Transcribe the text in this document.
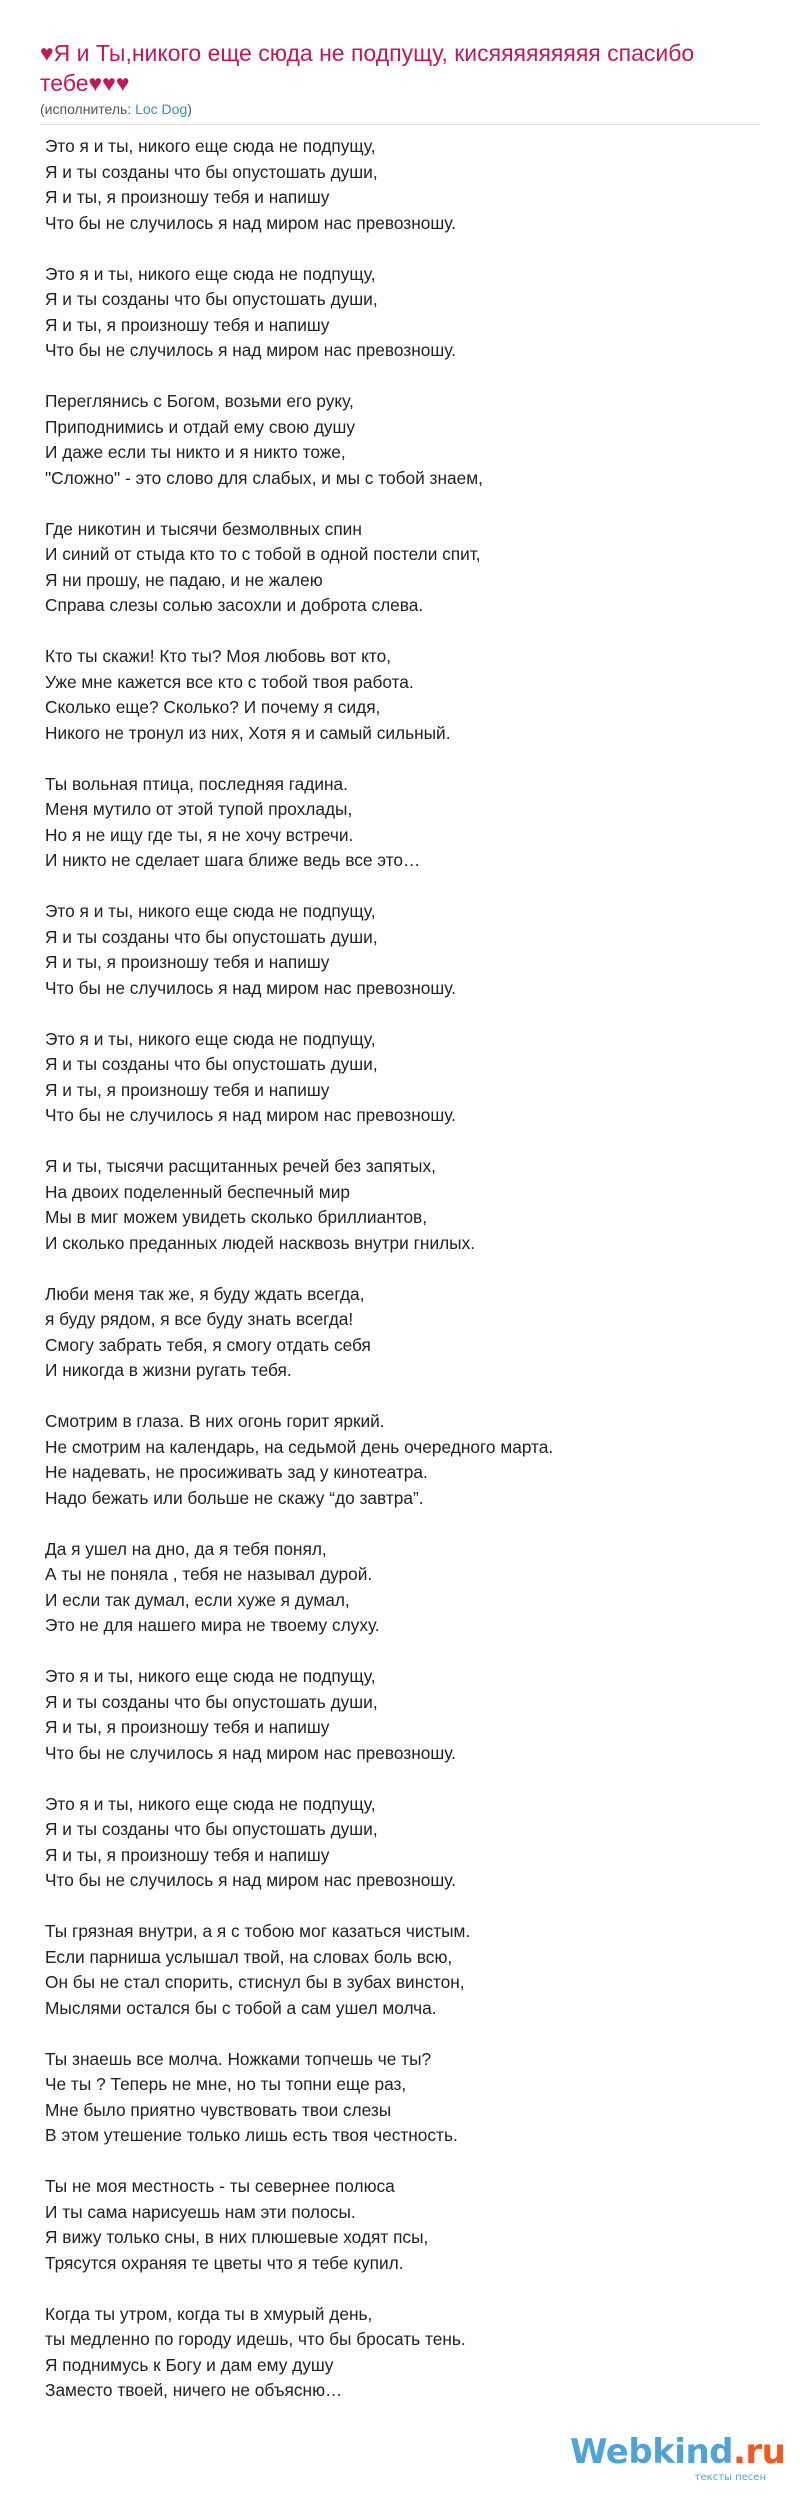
♥Я и Ты,никого еще сюда не подпущу, кисяяяяяяяяя спасибо тебе♥♥♥
(исполнитель: Loc Dog)
Это я и ты, никого еще сюда не подпущу,
Я и ты созданы что бы опустошать души,
Я и ты, я произношу тебя и напишу
Что бы не случилось я над миром нас превозношу.
Это я и ты, никого еще сюда не подпущу,
Я и ты созданы что бы опустошать души,
Я и ты, я произношу тебя и напишу
Что бы не случилось я над миром нас превозношу.
Переглянись с Богом, возьми его руку,
Приподнимись и отдай ему свою душу
И даже если ты никто и я никто тоже,
"Сложно" - это слово для слабых, и мы с тобой знаем,
Где никотин и тысячи безмолвных спин
И синий от стыда кто то с тобой в одной постели спит,
Я ни прошу, не падаю, и не жалею
Справа слезы солью засохли и доброта слева.
Кто ты скажи! Кто ты? Моя любовь вот кто,
Уже мне кажется все кто с тобой твоя работа.
Сколько еще? Сколько? И почему я сидя,
Никого не тронул из них, Хотя я и самый сильный.
Ты вольная птица, последняя гадина.
Меня мутило от этой тупой прохлады,
Но я не ищу где ты, я не хочу встречи.
И никто не сделает шага ближе ведь все это…
Это я и ты, никого еще сюда не подпущу,
Я и ты созданы что бы опустошать души,
Я и ты, я произношу тебя и напишу
Что бы не случилось я над миром нас превозношу.
Это я и ты, никого еще сюда не подпущу,
Я и ты созданы что бы опустошать души,
Я и ты, я произношу тебя и напишу
Что бы не случилось я над миром нас превозношу.
Я и ты, тысячи расщитанных речей без запятых,
На двоих поделенный беспечный мир
Мы в миг можем увидеть сколько бриллиантов,
И сколько преданных людей насквозь внутри гнилых.
Люби меня так же, я буду ждать всегда,
я буду рядом, я все буду знать всегда!
Смогу забрать тебя, я смогу отдать себя
И никогда в жизни ругать тебя.
Смотрим в глаза. В них огонь горит яркий.
Не смотрим на календарь, на седьмой день очередного марта.
Не надевать, не просиживать зад у кинотеатра.
Надо бежать или больше не скажу “до завтра”.
Да я ушел на дно, да я тебя понял,
А ты не поняла , тебя не называл дурой.
И если так думал, если хуже я думал,
Это не для нашего мира не твоему слуху.
Это я и ты, никого еще сюда не подпущу,
Я и ты созданы что бы опустошать души,
Я и ты, я произношу тебя и напишу
Что бы не случилось я над миром нас превозношу.
Это я и ты, никого еще сюда не подпущу,
Я и ты созданы что бы опустошать души,
Я и ты, я произношу тебя и напишу
Что бы не случилось я над миром нас превозношу.
Ты грязная внутри, а я с тобою мог казаться чистым.
Если парниша услышал твой, на словах боль всю,
Он бы не стал спорить, стиснул бы в зубах винстон,
Мыслями остался бы с тобой а сам ушел молча.
Ты знаешь все молча. Ножками топчешь че ты?
Че ты ? Теперь не мне, но ты топни еще раз,
Мне было приятно чувствовать твои слезы
В этом утешение только лишь есть твоя честность.
Ты не моя местность - ты севернее полюса
И ты сама нарисуешь нам эти полосы.
Я вижу только сны, в них плюшевые ходят псы,
Трясутся охраняя те цветы что я тебе купил.
Когда ты утром, когда ты в хмурый день,
ты медленно по городу идешь, что бы бросать тень.
Я поднимусь к Богу и дам ему душу
Заместо твоей, ничего не объясню…
Webkind.ru
тексты песен
